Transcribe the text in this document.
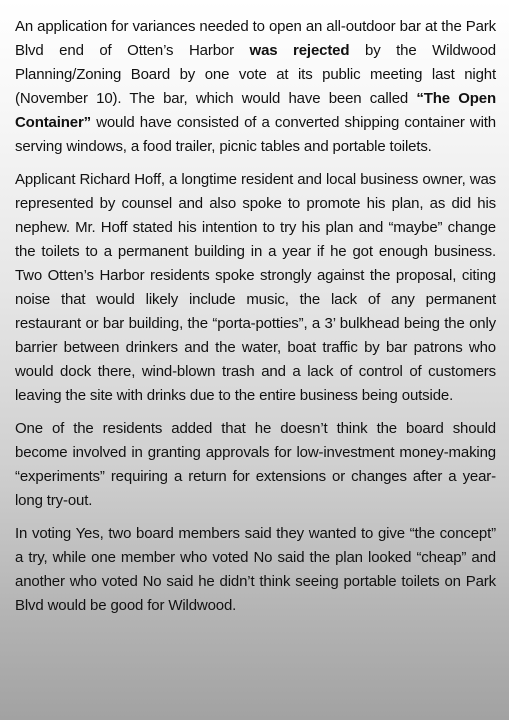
An application for variances needed to open an all-outdoor bar at the Park Blvd end of Otten’s Harbor was rejected by the Wildwood Planning/Zoning Board by one vote at its public meeting last night (November 10). The bar, which would have been called “The Open Container” would have consisted of a converted shipping container with serving windows, a food trailer, picnic tables and portable toilets.

Applicant Richard Hoff, a longtime resident and local business owner, was represented by counsel and also spoke to promote his plan, as did his nephew. Mr. Hoff stated his intention to try his plan and “maybe” change the toilets to a permanent building in a year if he got enough business. Two Otten’s Harbor residents spoke strongly against the proposal, citing noise that would likely include music, the lack of any permanent restaurant or bar building, the “porta-potties”, a 3’ bulkhead being the only barrier between drinkers and the water, boat traffic by bar patrons who would dock there, wind-blown trash and a lack of control of customers leaving the site with drinks due to the entire business being outside.

One of the residents added that he doesn’t think the board should become involved in granting approvals for low-investment money-making “experiments” requiring a return for extensions or changes after a year-long try-out.

In voting Yes, two board members said they wanted to give “the concept” a try, while one member who voted No said the plan looked “cheap” and another who voted No said he didn’t think seeing portable toilets on Park Blvd would be good for Wildwood.
